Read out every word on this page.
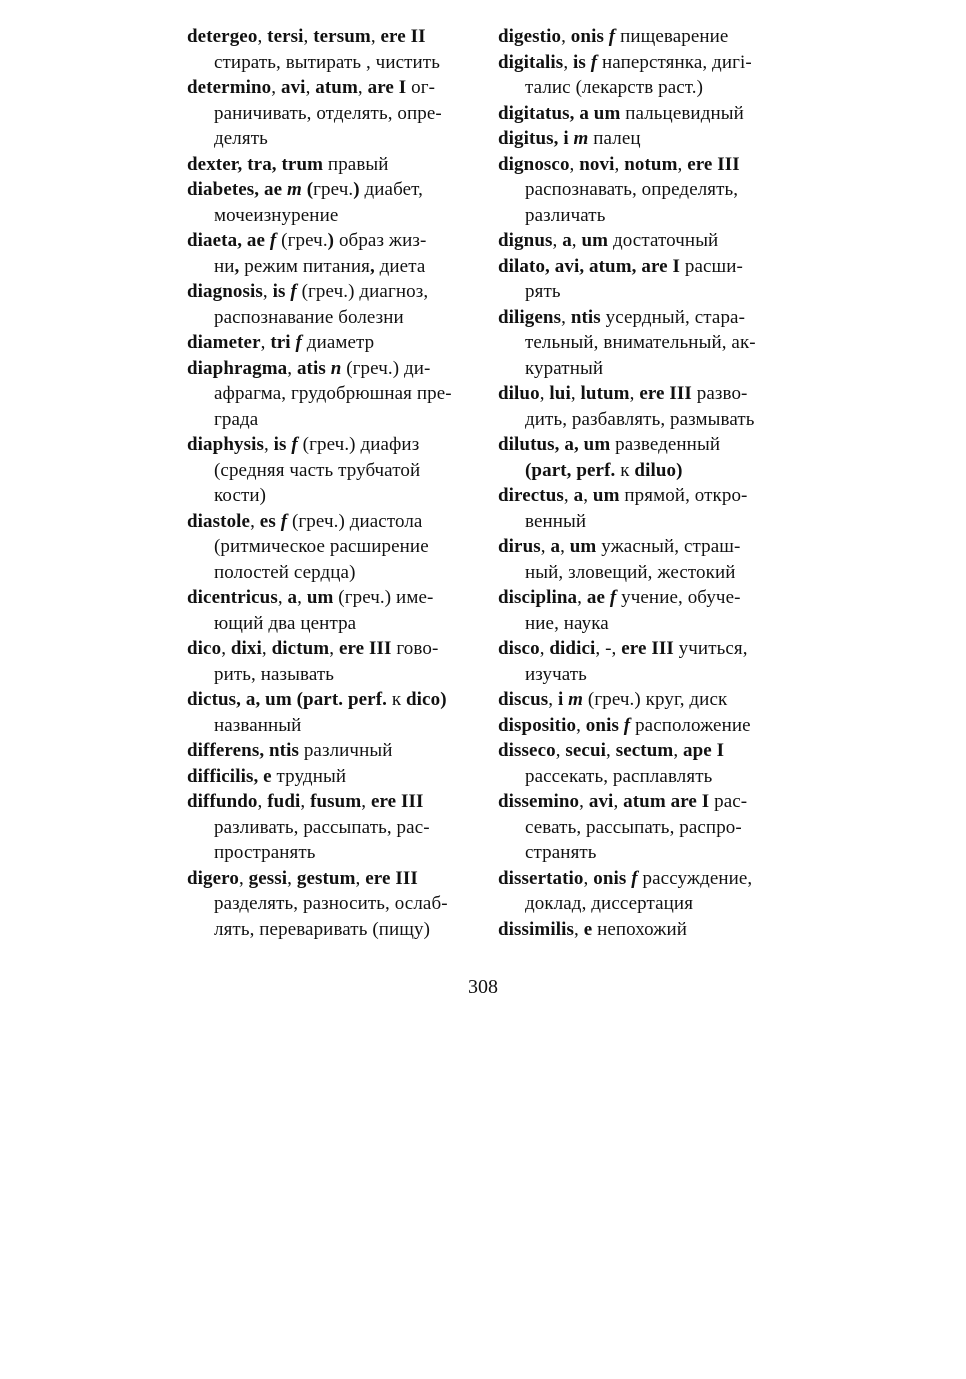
detergeo, tersi, tersum, ere II
стирать, вытирать , чистить
determino, avi, atum, are I ог-
раничивать, отделять, опре-
делять
dexter, tra, trum правый
diabetes, ae m (греч.) диабет,
мочеизнурение
diaeta, ae f (греч.) образ жиз-
ни, режим питания, диета
diagnosis, is f (греч.) диагноз,
распознавание болезни
diameter, tri f диаметр
diaphragma, atis n (греч.) ди-
афрагма, грудобрюшная пре-
града
diaphysis, is f (греч.) диафиз
(средняя часть трубчатой
кости)
diastole, es f (греч.) диастола
(ритмическое расширение
полостей сердца)
dicentricus, a, um (греч.) име-
ющий два центра
dico, dixi, dictum, ere III гово-
рить, называть
dictus, a, um (part. perf. к dico)
названный
differens, ntis различный
difficilis, e трудный
diffundo, fudi, fusum, ere III
разливать, рассыпать, рас-
пространять
digero, gessi, gestum, ere III
разделять, разносить, ослаб-
лять, переваривать (пищу)
digestio, onis f пищеварение
digitalis, is f наперстянка, дигi-
талис (лекарств раст.)
digitatus, a um пальцевидный
digitus, i m палец
dignosco, novi, notum, ere III
распознавать, определять,
различать
dignus, a, um достаточный
dilato, avi, atum, are I расши-
рять
diligens, ntis усердный, стара-
тельный, внимательный, ак-
куратный
diluo, lui, lutum, ere III разво-
дить, разбавлять, размывать
dilutus, a, um разведенный
(part, perf. к diluo)
directus, a, um прямой, откро-
венный
dirus, a, um ужасный, страш-
ный, зловещий, жестокий
disciplina, ae f учение, обуче-
ние, наука
disco, didici, -, ere III учиться,
изучать
discus, i m (греч.) круг, диск
dispositio, onis f расположение
disseco, secui, sectum, ape I
рассекать, расплавлять
dissemino, avi, atum are I рас-
севать, рассыпать, распро-
странять
dissertatio, onis f рассуждение,
доклад, диссертация
dissimilis, e непохожий
308
